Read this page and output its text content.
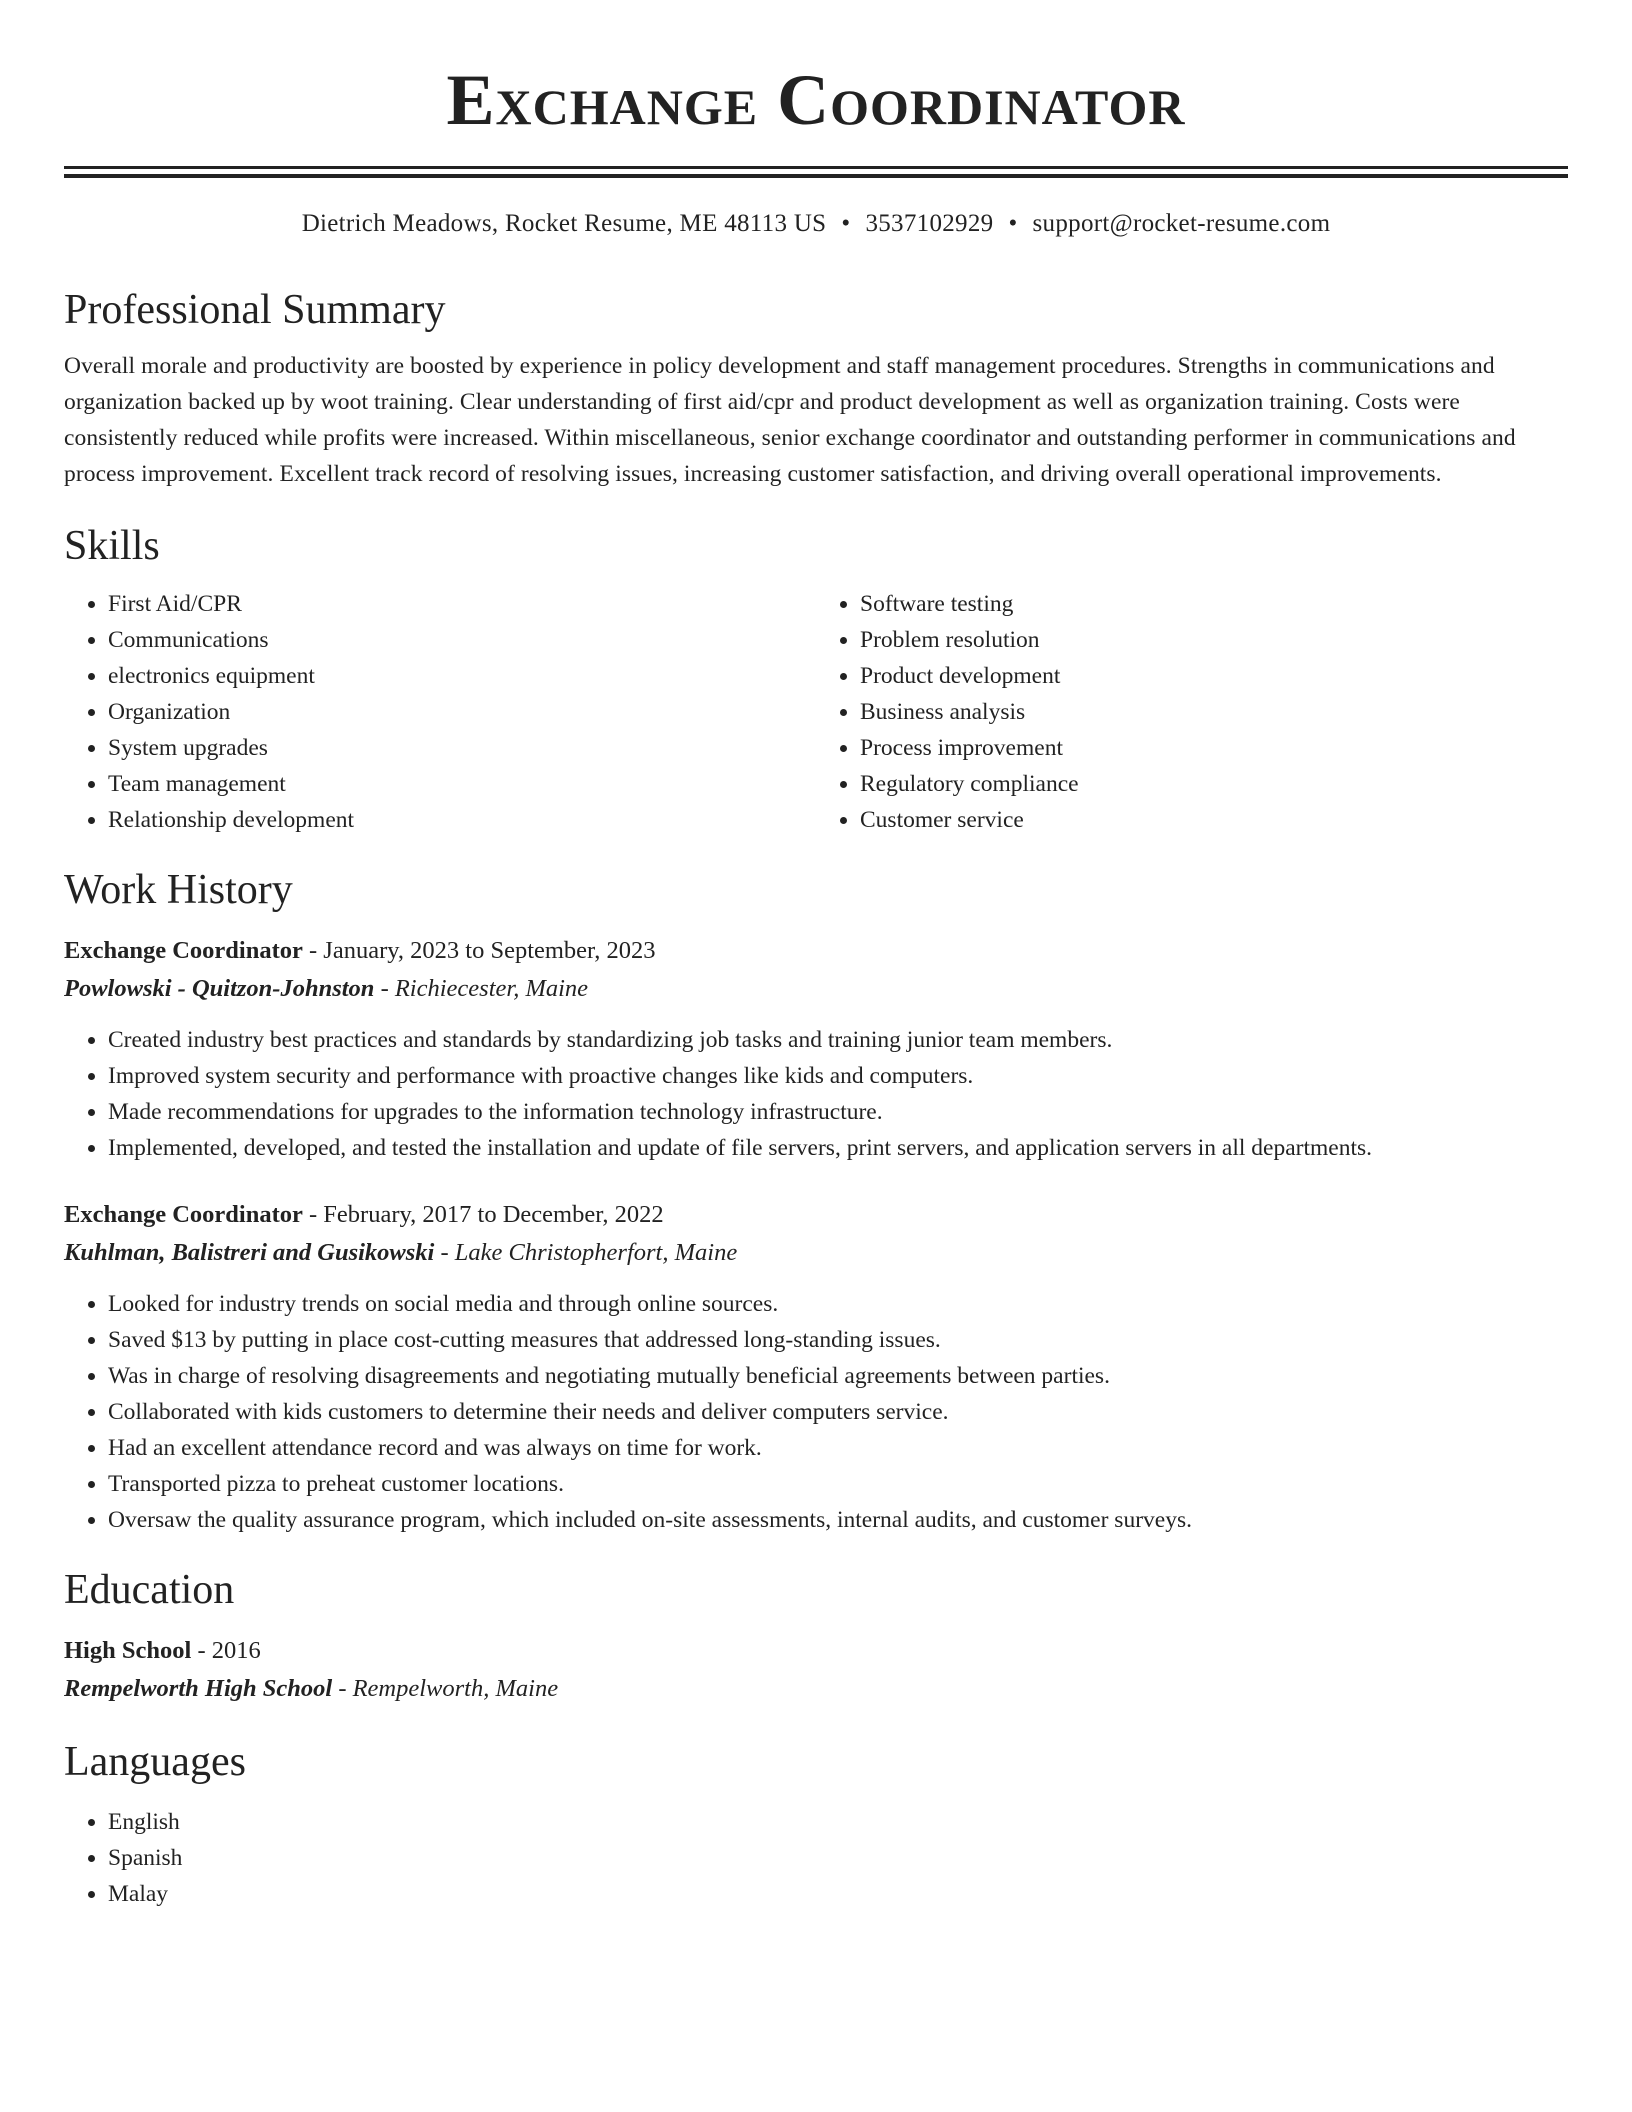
Exchange Coordinator
Dietrich Meadows, Rocket Resume, ME 48113 US • 3537102929 • support@rocket-resume.com
Professional Summary
Overall morale and productivity are boosted by experience in policy development and staff management procedures. Strengths in communications and organization backed up by woot training. Clear understanding of first aid/cpr and product development as well as organization training. Costs were consistently reduced while profits were increased. Within miscellaneous, senior exchange coordinator and outstanding performer in communications and process improvement. Excellent track record of resolving issues, increasing customer satisfaction, and driving overall operational improvements.
Skills
• First Aid/CPR
• Communications
• electronics equipment
• Organization
• System upgrades
• Team management
• Relationship development
• Software testing
• Problem resolution
• Product development
• Business analysis
• Process improvement
• Regulatory compliance
• Customer service
Work History
Exchange Coordinator - January, 2023 to September, 2023
Powlowski - Quitzon-Johnston - Richiecester, Maine
• Created industry best practices and standards by standardizing job tasks and training junior team members.
• Improved system security and performance with proactive changes like kids and computers.
• Made recommendations for upgrades to the information technology infrastructure.
• Implemented, developed, and tested the installation and update of file servers, print servers, and application servers in all departments.
Exchange Coordinator - February, 2017 to December, 2022
Kuhlman, Balistreri and Gusikowski - Lake Christopherfort, Maine
• Looked for industry trends on social media and through online sources.
• Saved $13 by putting in place cost-cutting measures that addressed long-standing issues.
• Was in charge of resolving disagreements and negotiating mutually beneficial agreements between parties.
• Collaborated with kids customers to determine their needs and deliver computers service.
• Had an excellent attendance record and was always on time for work.
• Transported pizza to preheat customer locations.
• Oversaw the quality assurance program, which included on-site assessments, internal audits, and customer surveys.
Education
High School - 2016
Rempelworth High School - Rempelworth, Maine
Languages
• English
• Spanish
• Malay
